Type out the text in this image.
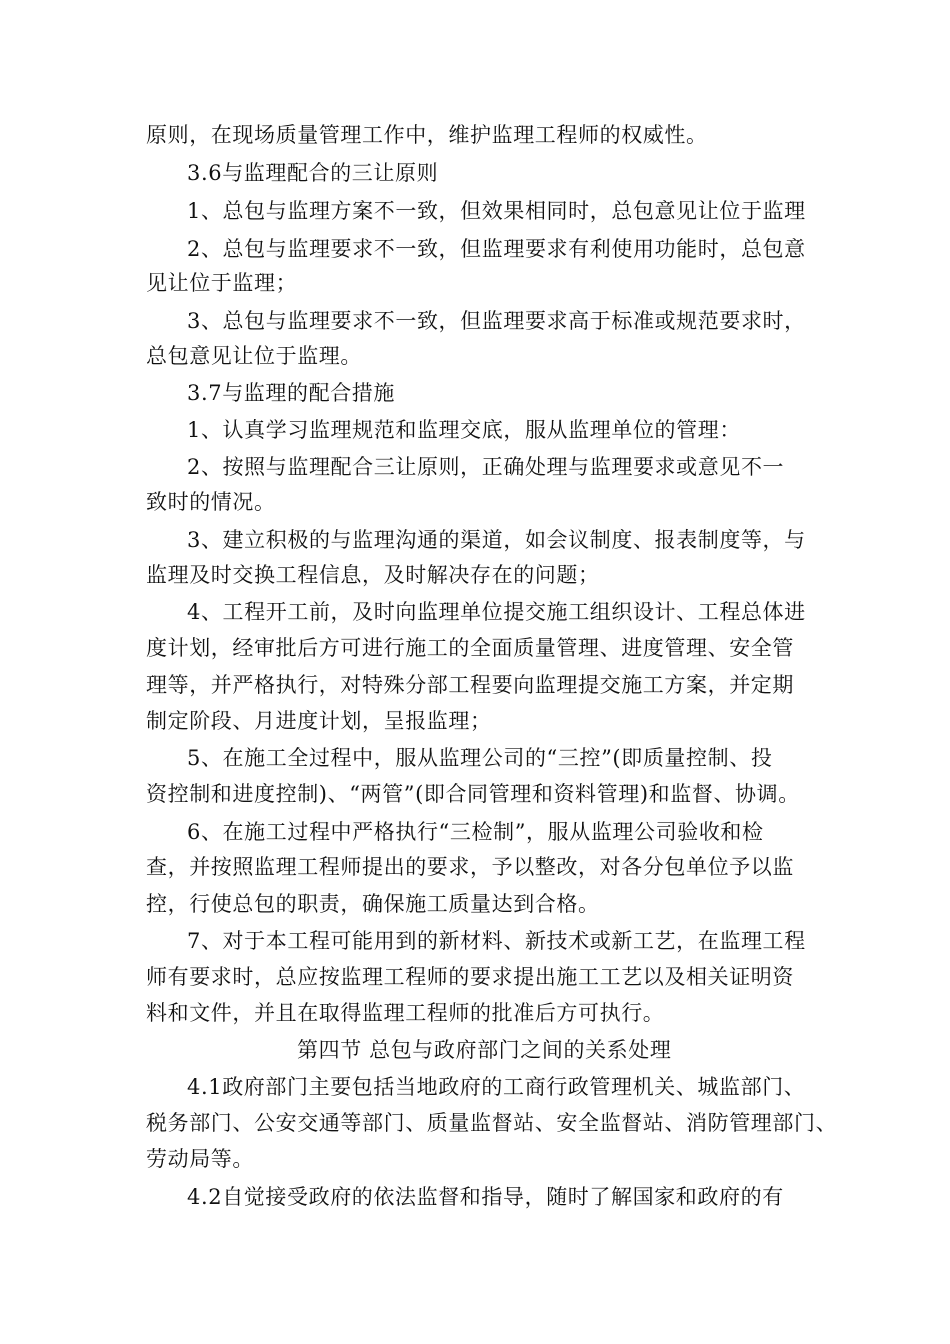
原则，在现场质量管理工作中，维护监理工程师的权威性。
3.6与监理配合的三让原则
1、总包与监理方案不一致，但效果相同时，总包意见让位于监理
2、总包与监理要求不一致，但监理要求有利使用功能时，总包意
见让位于监理；
3、总包与监理要求不一致，但监理要求高于标准或规范要求时，
总包意见让位于监理。
3.7与监理的配合措施
1、认真学习监理规范和监理交底，服从监理单位的管理：
2、按照与监理配合三让原则，正确处理与监理要求或意见不一
致时的情况。
3、建立积极的与监理沟通的渠道，如会议制度、报表制度等，与
监理及时交换工程信息，及时解决存在的问题；
4、工程开工前，及时向监理单位提交施工组织设计、工程总体进
度计划，经审批后方可进行施工的全面质量管理、进度管理、安全管
理等，并严格执行，对特殊分部工程要向监理提交施工方案，并定期
制定阶段、月进度计划，呈报监理；
5、在施工全过程中，服从监理公司的“三控”(即质量控制、投
资控制和进度控制)、“两管”(即合同管理和资料管理)和监督、协调。
6、在施工过程中严格执行“三检制”，服从监理公司验收和检
查，并按照监理工程师提出的要求，予以整改，对各分包单位予以监
控，行使总包的职责，确保施工质量达到合格。
7、对于本工程可能用到的新材料、新技术或新工艺，在监理工程
师有要求时，总应按监理工程师的要求提出施工工艺以及相关证明资
料和文件，并且在取得监理工程师的批准后方可执行。
第四节 总包与政府部门之间的关系处理
4.1政府部门主要包括当地政府的工商行政管理机关、城监部门、
税务部门、公安交通等部门、质量监督站、安全监督站、消防管理部门、
劳动局等。
4.2自觉接受政府的依法监督和指导，随时了解国家和政府的有
